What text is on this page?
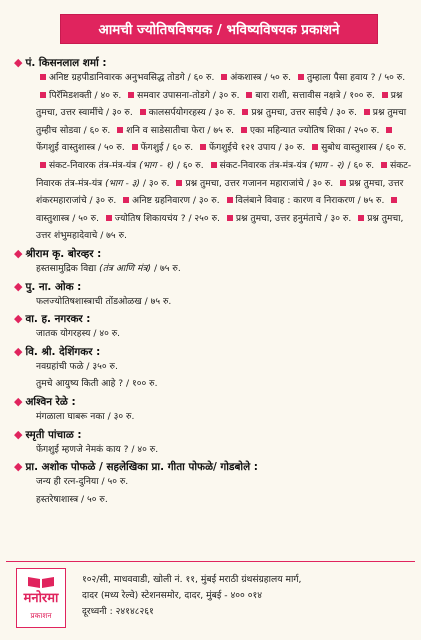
आमची ज्योतिषविषयक / भविष्यविषयक प्रकाशने
◆ पं. किसनलाल शर्मा :
अनिष्ट ग्रहपीडानिवारक अनुभवसिद्ध तोडगे / ६० रु. अंकशास्त्र / ५० रु. तुम्हाला पैसा हवाय ? / ५० रु. पिरॅमिडशक्ती / ४० रु. समवार उपासना-तोडगे / ३० रु. बारा राशी, सत्तावीस नक्षत्रे / १०० रु. प्रश्न तुमचा, उत्तर स्वामींचे / ३० रु. कालसर्पयोगरहस्य / ३० रु. प्रश्न तुमचा, उत्तर साईंचे / ३० रु. प्रश्न तुमचा तुम्हीच सोडवा / ६० रु. शनि व साडेसातीचा फेरा / ७५ रु. एका महिन्यात ज्योतिष शिका / २५० रु. फेंगशुई वास्तुशास्त्र / ५० रु. फेंगशुई / ६० रु. फेंगशुईचे १२१ उपाय / ३० रु. सुबोध वास्तुशास्त्र / ६० रु. संकट-निवारक तंत्र-मंत्र-यंत्र (भाग - १) / ६० रु. संकट-निवारक तंत्र-मंत्र-यंत्र (भाग - २) / ६० रु. संकट-निवारक तंत्र-मंत्र-यंत्र (भाग - ३) / ३० रु. प्रश्न तुमचा, उत्तर गजानन महाराजांचे / ३० रु. प्रश्न तुमचा, उत्तर शंकरमहाराजांचे / ३० रु. अनिष्ट ग्रहनिवारण / ३० रु. विलंबाने विवाह : कारण व निराकरण / ७५ रु. वास्तुशास्त्र / ५० रु. ज्योतिष शिकायचंय ? / २५० रु. प्रश्न तुमचा, उत्तर हनुमंताचे / ३० रु. प्रश्न तुमचा, उत्तर शंभुमहादेवाचे / ७५ रु.
◆ श्रीराम कृ. बोरव्हर :
हस्तसामुद्रिक विद्या (तंत्र आणि मंत्र) / ७५ रु.

◆ पु. ना. ओक :
फलज्योतिषशास्त्राची तोंडओळख / ७५ रु.

◆ वा. ह. नगरकर :
जातक योगरहस्य / ४० रु.

◆ वि. श्री. देशिंगकर :
नवग्रहांची फळे / ३५० रु.
तुमचे आयुष्य किती आहे ? / १०० रु.

◆ अश्विन रेळे :
मंगळाला घाबरू नका / ३० रु.

◆ स्मृती पांचाळ :
फेंगशुई म्हणजे नेमकं काय ? / ४० रु.

◆ प्रा. अशोक पोफळे / सहलेखिका प्रा. गीता पोफळे/ गोडबोले :
जन्य ही रत्न-दुनिया / ५० रु.
हस्तरेषाशास्त्र / ५० रु.

मनोरमा
प्रकाशन
१०२/सी, माधववाडी, खोली नं. ११, मुंबई मराठी ग्रंथसंग्रहालय मार्ग,
दादर (मध्य रेल्वे) स्टेशनसमोर, दादर, मुंबई - ४०० ०१४
दूरध्वनी : २४१४८२६१
